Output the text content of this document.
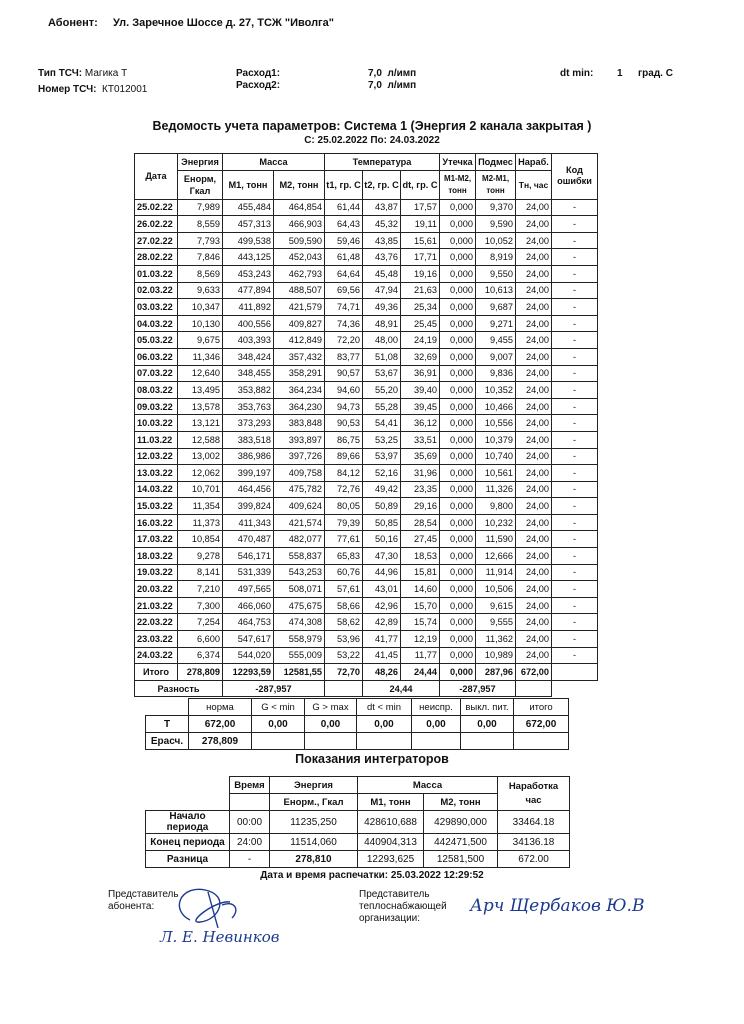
Абонент: Ул. Заречное Шоссе д. 27, ТСЖ "Иволга"
Тип ТСЧ: Магика Т
Номер ТСЧ: КТ012001
Расход1:
Расход2:
7,0 л/имп
7,0 л/имп
dt min: 1 град. С
Ведомость учета параметров: Система 1 (Энергия 2 канала закрытая )
С: 25.02.2022 По: 24.03.2022
Дата	Энергия	Масса		Температура			Утечка	Подмес	Нараб.	Код ошибки
	Енорм, Гкал	М1, тонн	М2, тонн	t1, гр. С	t2, гр. С	dt, гр. С	М1-М2, тонн	М2-М1, тонн	Тн, час	
25.02.22	7,989	455,484	464,854	61,44	43,87	17,57	0,000	9,370	24,00	-
26.02.22	8,559	457,313	466,903	64,43	45,32	19,11	0,000	9,590	24,00	-
27.02.22	7,793	499,538	509,590	59,46	43,85	15,61	0,000	10,052	24,00	-
28.02.22	7,846	443,125	452,043	61,48	43,76	17,71	0,000	8,919	24,00	-
01.03.22	8,569	453,243	462,793	64,64	45,48	19,16	0,000	9,550	24,00	-
02.03.22	9,633	477,894	488,507	69,56	47,94	21,63	0,000	10,613	24,00	-
03.03.22	10,347	411,892	421,579	74,71	49,36	25,34	0,000	9,687	24,00	-
04.03.22	10,130	400,556	409,827	74,36	48,91	25,45	0,000	9,271	24,00	-
05.03.22	9,675	403,393	412,849	72,20	48,00	24,19	0,000	9,455	24,00	-
06.03.22	11,346	348,424	357,432	83,77	51,08	32,69	0,000	9,007	24,00	-
07.03.22	12,640	348,455	358,291	90,57	53,67	36,91	0,000	9,836	24,00	-
08.03.22	13,495	353,882	364,234	94,60	55,20	39,40	0,000	10,352	24,00	-
09.03.22	13,578	353,763	364,230	94,73	55,28	39,45	0,000	10,466	24,00	-
10.03.22	13,121	373,293	383,848	90,53	54,41	36,12	0,000	10,556	24,00	-
11.03.22	12,588	383,518	393,897	86,75	53,25	33,51	0,000	10,379	24,00	-
12.03.22	13,002	386,986	397,726	89,66	53,97	35,69	0,000	10,740	24,00	-
13.03.22	12,062	399,197	409,758	84,12	52,16	31,96	0,000	10,561	24,00	-
14.03.22	10,701	464,456	475,782	72,76	49,42	23,35	0,000	11,326	24,00	-
15.03.22	11,354	399,824	409,624	80,05	50,89	29,16	0,000	9,800	24,00	-
16.03.22	11,373	411,343	421,574	79,39	50,85	28,54	0,000	10,232	24,00	-
17.03.22	10,854	470,487	482,077	77,61	50,16	27,45	0,000	11,590	24,00	-
18.03.22	9,278	546,171	558,837	65,83	47,30	18,53	0,000	12,666	24,00	-
19.03.22	8,141	531,339	543,253	60,76	44,96	15,81	0,000	11,914	24,00	-
20.03.22	7,210	497,565	508,071	57,61	43,01	14,60	0,000	10,506	24,00	-
21.03.22	7,300	466,060	475,675	58,66	42,96	15,70	0,000	9,615	24,00	-
22.03.22	7,254	464,753	474,308	58,62	42,89	15,74	0,000	9,555	24,00	-
23.03.22	6,600	547,617	558,979	53,96	41,77	12,19	0,000	11,362	24,00	-
24.03.22	6,374	544,020	555,009	53,22	41,45	11,77	0,000	10,989	24,00	-
Итого	278,809	12293,59	12581,55	72,70	48,26	24,44	0,000	287,96	672,00	
Разность		-287,957			24,44		-287,957			
	норма	G < min	G > max	dt < min	неиспр.	выкл. пит.	итого
T	672,00	0,00	0,00	0,00	0,00	0,00	672,00
Ерасч.	278,809						
Показания интеграторов
	Время	Энергия	Масса		Наработка час
		Енорм., Гкал	М1, тонн	М2, тонн	
Начало периода	00:00	11235,250	428610,688	429890,000	33464.18
Конец периода	24:00	11514,060	440904,313	442471,500	34136.18
Разница	-	278,810	12293,625	12581,500	672.00
Дата и время распечатки: 25.03.2022 12:29:52
Представитель
абонента:
Представитель
теплоснабжающей
организации:
Л. Е. Невинков
Арч Щербаков Ю.В
